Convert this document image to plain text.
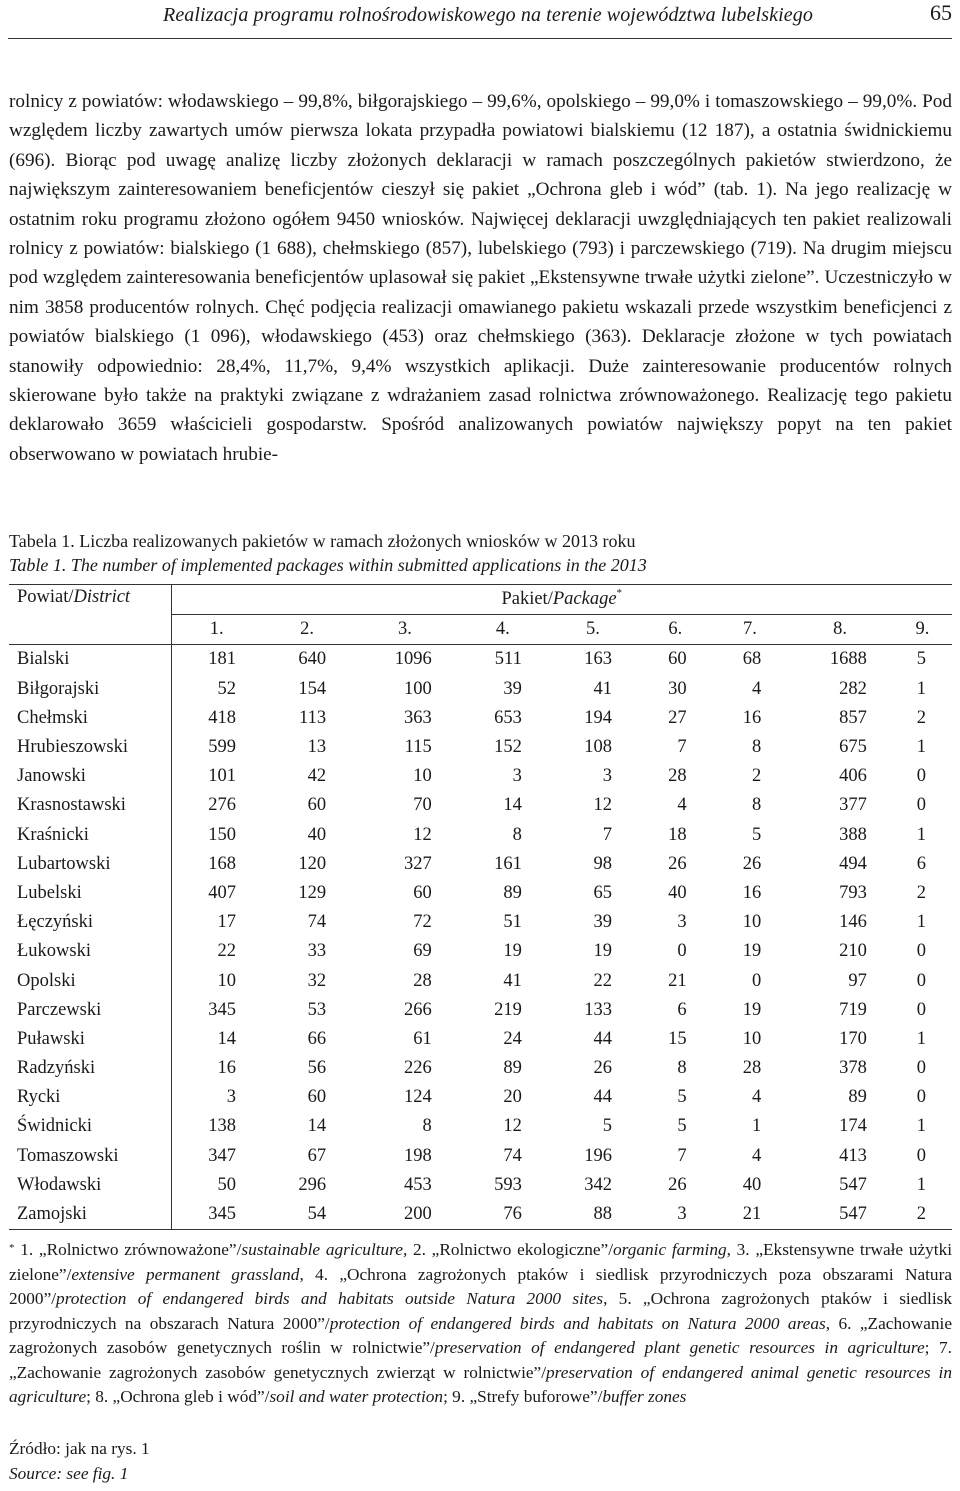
Realizacja programu rolnośrodowiskowego na terenie województwa lubelskiego	65

rolnicy z powiatów: włodawskiego – 99,8%, biłgorajskiego – 99,6%, opolskiego – 99,0% i tomaszowskiego – 99,0%. Pod względem liczby zawartych umów pierwsza lokata przypadła powiatowi bialskiemu (12 187), a ostatnia świdnickiemu (696). Biorąc pod uwagę analizę liczby złożonych deklaracji w ramach poszczególnych pakietów stwierdzono, że największym zainteresowaniem beneficjentów cieszył się pakiet „Ochrona gleb i wód” (tab. 1). Na jego realizację w ostatnim roku programu złożono ogółem 9450 wniosków. Najwięcej deklaracji uwzględniających ten pakiet realizowali rolnicy z powiatów: bialskiego (1 688), chełmskiego (857), lubelskiego (793) i parczewskiego (719). Na drugim miejscu pod względem zainteresowania beneficjentów uplasował się pakiet „Ekstensywne trwałe użytki zielone”. Uczestniczyło w nim 3858 producentów rolnych. Chęć podjęcia realizacji omawianego pakietu wskazali przede wszystkim beneficjenci z powiatów bialskiego (1 096), włodawskiego (453) oraz chełmskiego (363). Deklaracje złożone w tych powiatach stanowiły odpowiednio: 28,4%, 11,7%, 9,4% wszystkich aplikacji. Duże zainteresowanie producentów rolnych skierowane było także na praktyki związane z wdrażaniem zasad rolnictwa zrównoważonego. Realizację tego pakietu deklarowało 3659 właścicieli gospodarstw. Spośród analizowanych powiatów największy popyt na ten pakiet obserwowano w powiatach hrubie-

Tabela 1. Liczba realizowanych pakietów w ramach złożonych wniosków w 2013 roku
Table 1. The number of implemented packages within submitted applications in the 2013
Powiat/District	Pakiet/Package*
	1.	2.	3.	4.	5.	6.	7.	8.	9.
Bialski	181	640	1096	511	163	60	68	1688	5
Biłgorajski	52	154	100	39	41	30	4	282	1
Chełmski	418	113	363	653	194	27	16	857	2
Hrubieszowski	599	13	115	152	108	7	8	675	1
Janowski	101	42	10	3	3	28	2	406	0
Krasnostawski	276	60	70	14	12	4	8	377	0
Kraśnicki	150	40	12	8	7	18	5	388	1
Lubartowski	168	120	327	161	98	26	26	494	6
Lubelski	407	129	60	89	65	40	16	793	2
Łęczyński	17	74	72	51	39	3	10	146	1
Łukowski	22	33	69	19	19	0	19	210	0
Opolski	10	32	28	41	22	21	0	97	0
Parczewski	345	53	266	219	133	6	19	719	0
Puławski	14	66	61	24	44	15	10	170	1
Radzyński	16	56	226	89	26	8	28	378	0
Rycki	3	60	124	20	44	5	4	89	0
Świdnicki	138	14	8	12	5	5	1	174	1
Tomaszowski	347	67	198	74	196	7	4	413	0
Włodawski	50	296	453	593	342	26	40	547	1
Zamojski	345	54	200	76	88	3	21	547	2
* 1. „Rolnictwo zrównoważone”/sustainable agriculture, 2. „Rolnictwo ekologiczne”/organic farming, 3. „Ekstensywne trwałe użytki zielone”/extensive permanent grassland, 4. „Ochrona zagrożonych ptaków i siedlisk przyrodniczych poza obszarami Natura 2000”/protection of endangered birds and habitats outside Natura 2000 sites, 5. „Ochrona zagrożonych ptaków i siedlisk przyrodniczych na obszarach Natura 2000”/protection of endangered birds and habitats on Natura 2000 areas, 6. „Zachowanie zagrożonych zasobów genetycznych roślin w rolnictwie”/preservation of endangered plant genetic resources in agriculture; 7. „Zachowanie zagrożonych zasobów genetycznych zwierząt w rolnictwie”/preservation of endangered animal genetic resources in agriculture; 8. „Ochrona gleb i wód”/soil and water protection; 9. „Strefy buforowe”/buffer zones
Źródło: jak na rys. 1
Source: see fig. 1
